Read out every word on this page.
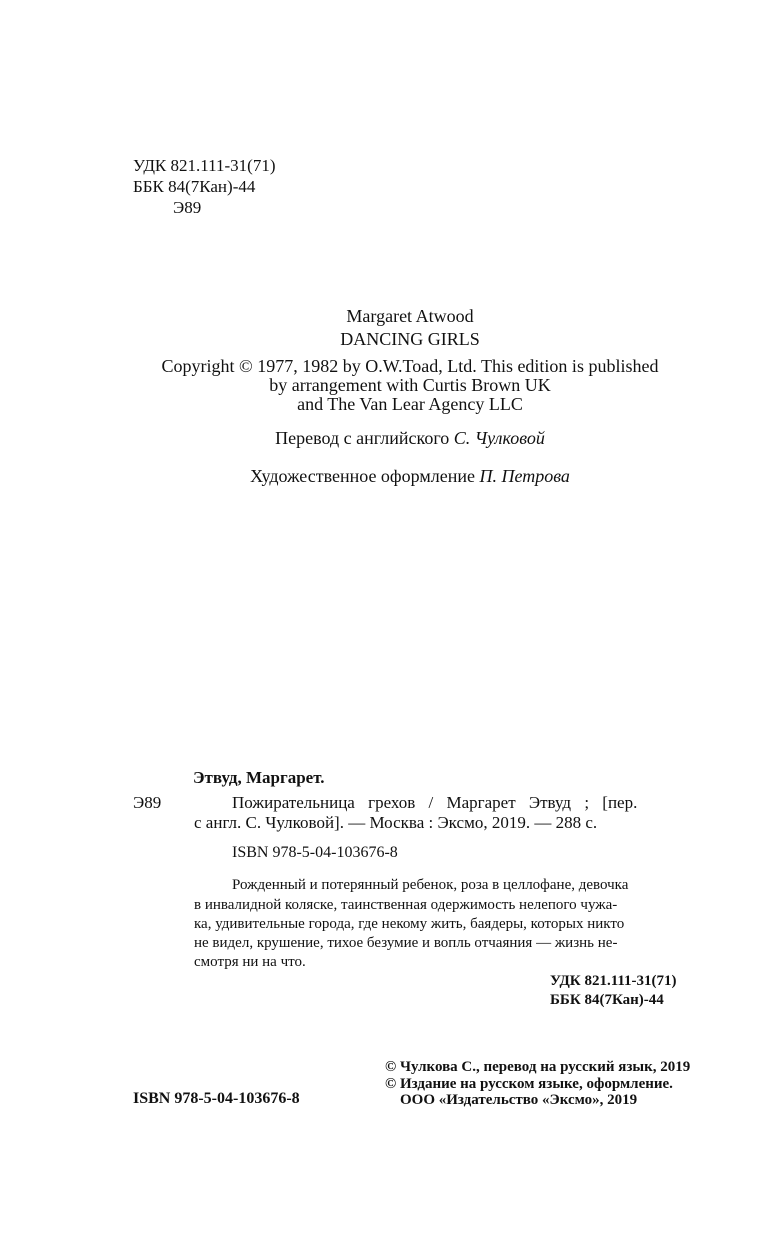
УДК 821.111-31(71)
ББК 84(7Кан)-44
Э89
Margaret Atwood
DANCING GIRLS
Copyright © 1977, 1982 by O.W.Toad, Ltd. This edition is published
by arrangement with Curtis Brown UK
and The Van Lear Agency LLC
Перевод с английского С. Чулковой
Художественное оформление П. Петрова
Этвуд, Маргарет.
Э89	Пожирательница грехов / Маргарет Этвуд ; [пер.
с англ. С. Чулковой]. — Москва : Эксмо, 2019. — 288 с.
ISBN 978-5-04-103676-8
Рожденный и потерянный ребенок, роза в целлофане, девочка
в инвалидной коляске, таинственная одержимость нелепого чужа-
ка, удивительные города, где некому жить, баядеры, которых никто
не видел, крушение, тихое безумие и вопль отчаяния — жизнь не-
смотря ни на что.
УДК 821.111-31(71)
ББК 84(7Кан)-44
© Чулкова С., перевод на русский язык, 2019
© Издание на русском языке, оформление.
ISBN 978-5-04-103676-8	ООО «Издательство «Эксмо», 2019
